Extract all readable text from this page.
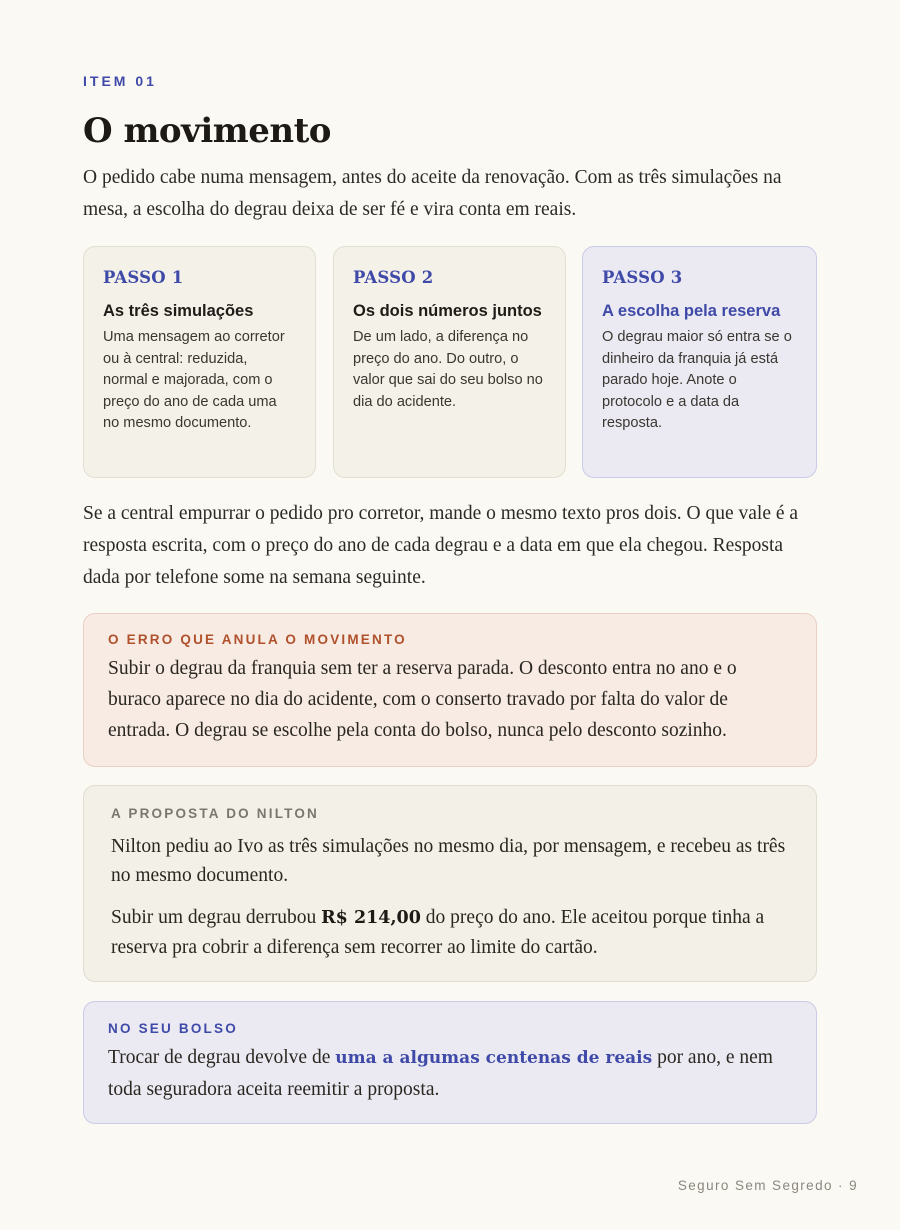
ITEM 01
O movimento

O pedido cabe numa mensagem, antes do aceite da renovação. Com as três simulações na mesa, a escolha do degrau deixa de ser fé e vira conta em reais.

PASSO 1
As três simulações
Uma mensagem ao corretor ou à central: reduzida, normal e majorada, com o preço do ano de cada uma no mesmo documento.
PASSO 2
Os dois números juntos
De um lado, a diferença no preço do ano. Do outro, o valor que sai do seu bolso no dia do acidente.
PASSO 3
A escolha pela reserva
O degrau maior só entra se o dinheiro da franquia já está parado hoje. Anote o protocolo e a data da resposta.

Se a central empurrar o pedido pro corretor, mande o mesmo texto pros dois. O que vale é a resposta escrita, com o preço do ano de cada degrau e a data em que ela chegou. Resposta dada por telefone some na semana seguinte.

O ERRO QUE ANULA O MOVIMENTO

Subir o degrau da franquia sem ter a reserva parada. O desconto entra no ano e o buraco aparece no dia do acidente, com o conserto travado por falta do valor de entrada. O degrau se escolhe pela conta do bolso, nunca pelo desconto sozinho.

A PROPOSTA DO NILTON

Nilton pediu ao Ivo as três simulações no mesmo dia, por mensagem, e recebeu as três no mesmo documento.

Subir um degrau derrubou R$ 214,00 do preço do ano. Ele aceitou porque tinha a reserva pra cobrir a diferença sem recorrer ao limite do cartão.

NO SEU BOLSO

Trocar de degrau devolve de uma a algumas centenas de reais por ano, e nem toda seguradora aceita reemitir a proposta.

Seguro Sem Segredo · 9
